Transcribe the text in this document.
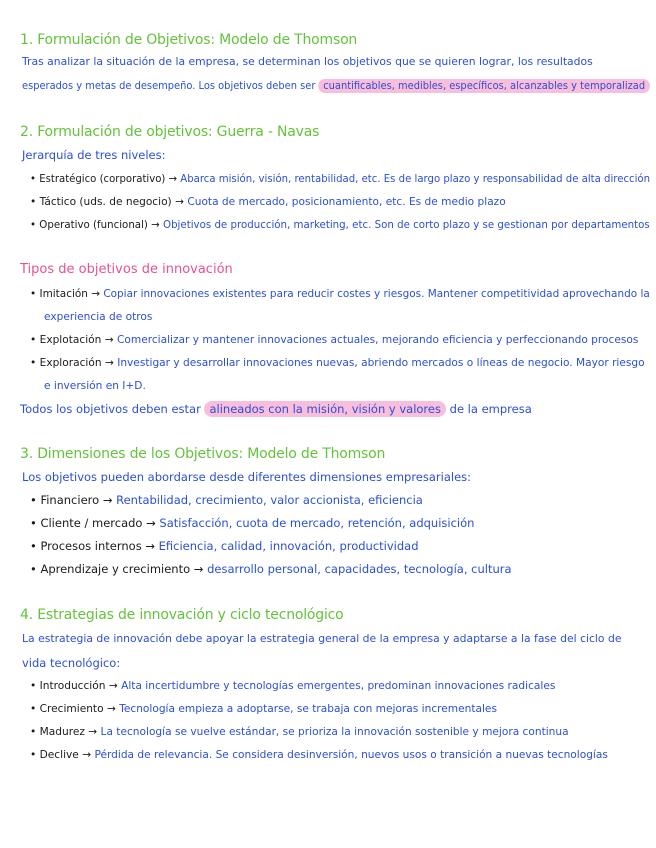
1. Formulación de Objetivos: Modelo de Thomson
Tras analizar la situación de la empresa, se determinan los objetivos que se quieren lograr, los resultados
esperados y metas de desempeño. Los objetivos deben ser cuantificables, medibles, específicos, alcanzables y temporalizad
2. Formulación de objetivos: Guerra - Navas
Jerarquía de tres niveles:
• Estratégico (corporativo) → Abarca misión, visión, rentabilidad, etc. Es de largo plazo y responsabilidad de alta dirección
• Táctico (uds. de negocio) → Cuota de mercado, posicionamiento, etc. Es de medio plazo
• Operativo (funcional) → Objetivos de producción, marketing, etc. Son de corto plazo y se gestionan por departamentos
Tipos de objetivos de innovación
• Imitación → Copiar innovaciones existentes para reducir costes y riesgos. Mantener competitividad aprovechando la
experiencia de otros
• Explotación → Comercializar y mantener innovaciones actuales, mejorando eficiencia y perfeccionando procesos
• Exploración → Investigar y desarrollar innovaciones nuevas, abriendo mercados o líneas de negocio. Mayor riesgo
e inversión en I+D.
Todos los objetivos deben estar alineados con la misión, visión y valores de la empresa
3. Dimensiones de los Objetivos: Modelo de Thomson
Los objetivos pueden abordarse desde diferentes dimensiones empresariales:
• Financiero → Rentabilidad, crecimiento, valor accionista, eficiencia
• Cliente / mercado → Satisfacción, cuota de mercado, retención, adquisición
• Procesos internos → Eficiencia, calidad, innovación, productividad
• Aprendizaje y crecimiento → desarrollo personal, capacidades, tecnología, cultura
4. Estrategias de innovación y ciclo tecnológico
La estrategia de innovación debe apoyar la estrategia general de la empresa y adaptarse a la fase del ciclo de
vida tecnológico:
• Introducción → Alta incertidumbre y tecnologías emergentes, predominan innovaciones radicales
• Crecimiento → Tecnología empieza a adoptarse, se trabaja con mejoras incrementales
• Madurez → La tecnología se vuelve estándar, se prioriza la innovación sostenible y mejora continua
• Declive → Pérdida de relevancia. Se considera desinversión, nuevos usos o transición a nuevas tecnologías
